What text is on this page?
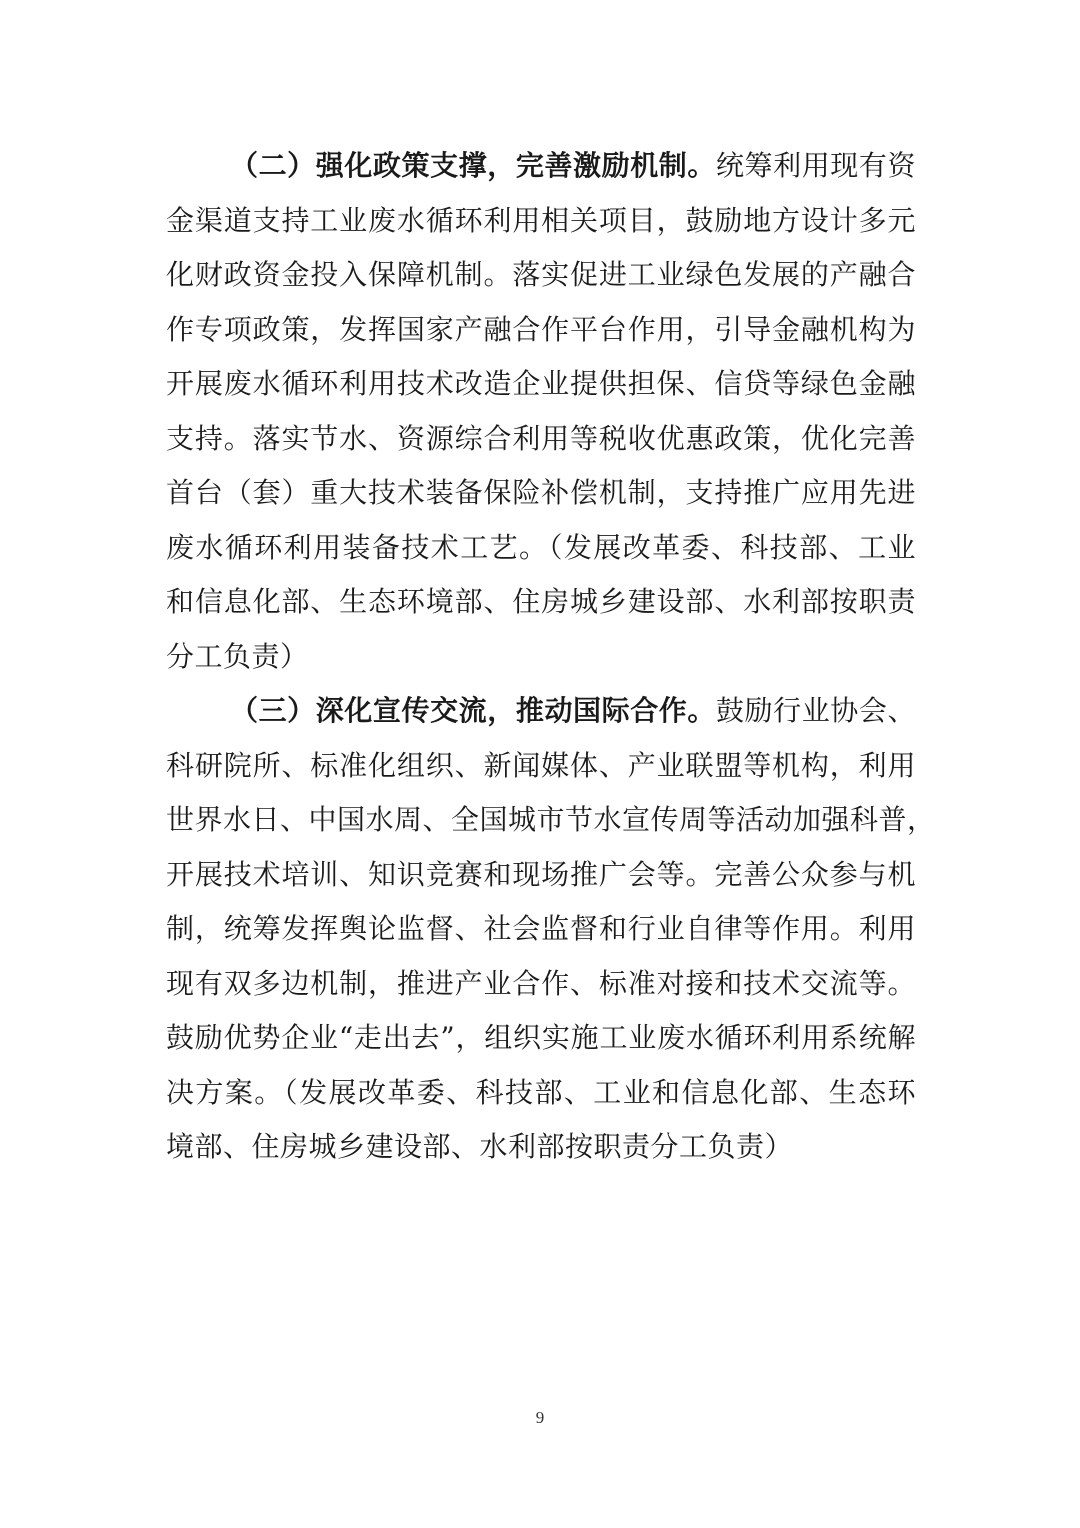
（二）强化政策支撑，完善激励机制。统筹利用现有资
金渠道支持工业废水循环利用相关项目，鼓励地方设计多元
化财政资金投入保障机制。落实促进工业绿色发展的产融合
作专项政策，发挥国家产融合作平台作用，引导金融机构为
开展废水循环利用技术改造企业提供担保、信贷等绿色金融
支持。落实节水、资源综合利用等税收优惠政策，优化完善
首台（套）重大技术装备保险补偿机制，支持推广应用先进
废水循环利用装备技术工艺。（发展改革委、科技部、工业
和信息化部、生态环境部、住房城乡建设部、水利部按职责
分工负责）
（三）深化宣传交流，推动国际合作。鼓励行业协会、
科研院所、标准化组织、新闻媒体、产业联盟等机构，利用
世界水日、中国水周、全国城市节水宣传周等活动加强科普，
开展技术培训、知识竞赛和现场推广会等。完善公众参与机
制，统筹发挥舆论监督、社会监督和行业自律等作用。利用
现有双多边机制，推进产业合作、标准对接和技术交流等。
鼓励优势企业“走出去”，组织实施工业废水循环利用系统解
决方案。（发展改革委、科技部、工业和信息化部、生态环
境部、住房城乡建设部、水利部按职责分工负责）
9
